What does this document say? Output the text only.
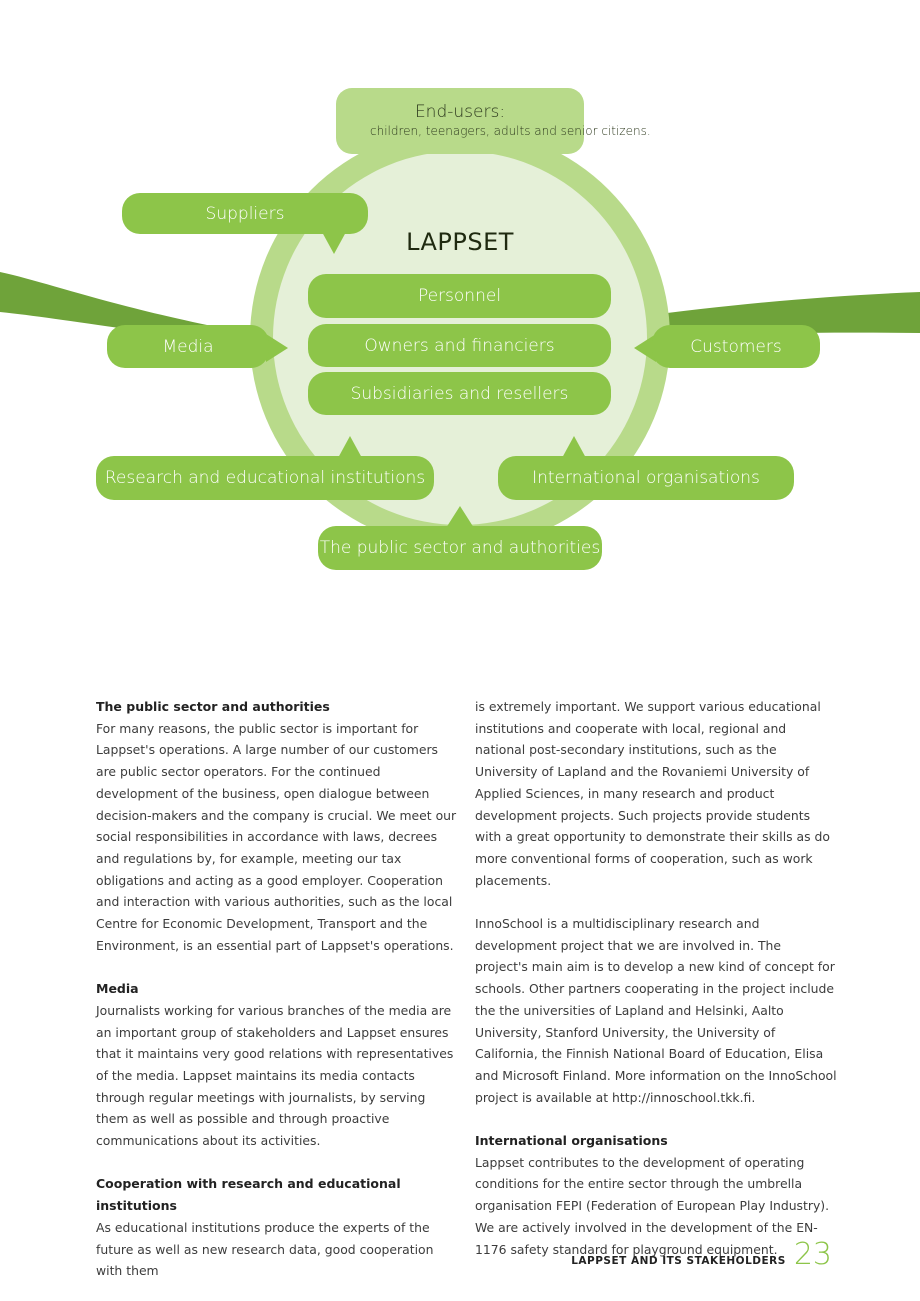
End-users:
children, teenagers, adults and senior citizens.
Suppliers
LAPPSET
Personnel
Owners and financiers
Subsidiaries and resellers
Media	Customers
Research and educational institutions	International organisations
The public sector and authorities
The public sector and authorities

For many reasons, the public sector is important for Lappset's operations. A large number of our customers are public sector operators. For the continued development of the business, open dialogue between decision-makers and the company is crucial. We meet our social responsibilities in accordance with laws, decrees and regulations by, for example, meeting our tax obligations and acting as a good employer. Cooperation and interaction with various authorities, such as the local Centre for Economic Development, Transport and the Environment, is an essential part of Lappset's operations.

Media

Journalists working for various branches of the media are an important group of stakeholders and Lappset ensures that it maintains very good relations with representatives of the media. Lappset maintains its media contacts through regular meetings with journalists, by serving them as well as possible and through proactive communications about its activities.

Cooperation with research and educational institutions

As educational institutions produce the experts of the future as well as new research data, good cooperation with them

is extremely important. We support various educational institutions and cooperate with local, regional and national post-secondary institutions, such as the University of Lapland and the Rovaniemi University of Applied Sciences, in many research and product development projects. Such projects provide students with a great opportunity to demonstrate their skills as do more conventional forms of cooperation, such as work placements.

InnoSchool is a multidisciplinary research and development project that we are involved in. The project's main aim is to develop a new kind of concept for schools. Other partners cooperating in the project include the the universities of Lapland and Helsinki, Aalto University, Stanford University, the University of California, the Finnish National Board of Education, Elisa and Microsoft Finland. More information on the InnoSchool project is available at http://innoschool.tkk.fi.

International organisations

Lappset contributes to the development of operating conditions for the entire sector through the umbrella organisation FEPI (Federation of European Play Industry). We are actively involved in the development of the EN-1176 safety standard for playground equipment.

LAPPSET AND ITS STAKEHOLDERS 23
